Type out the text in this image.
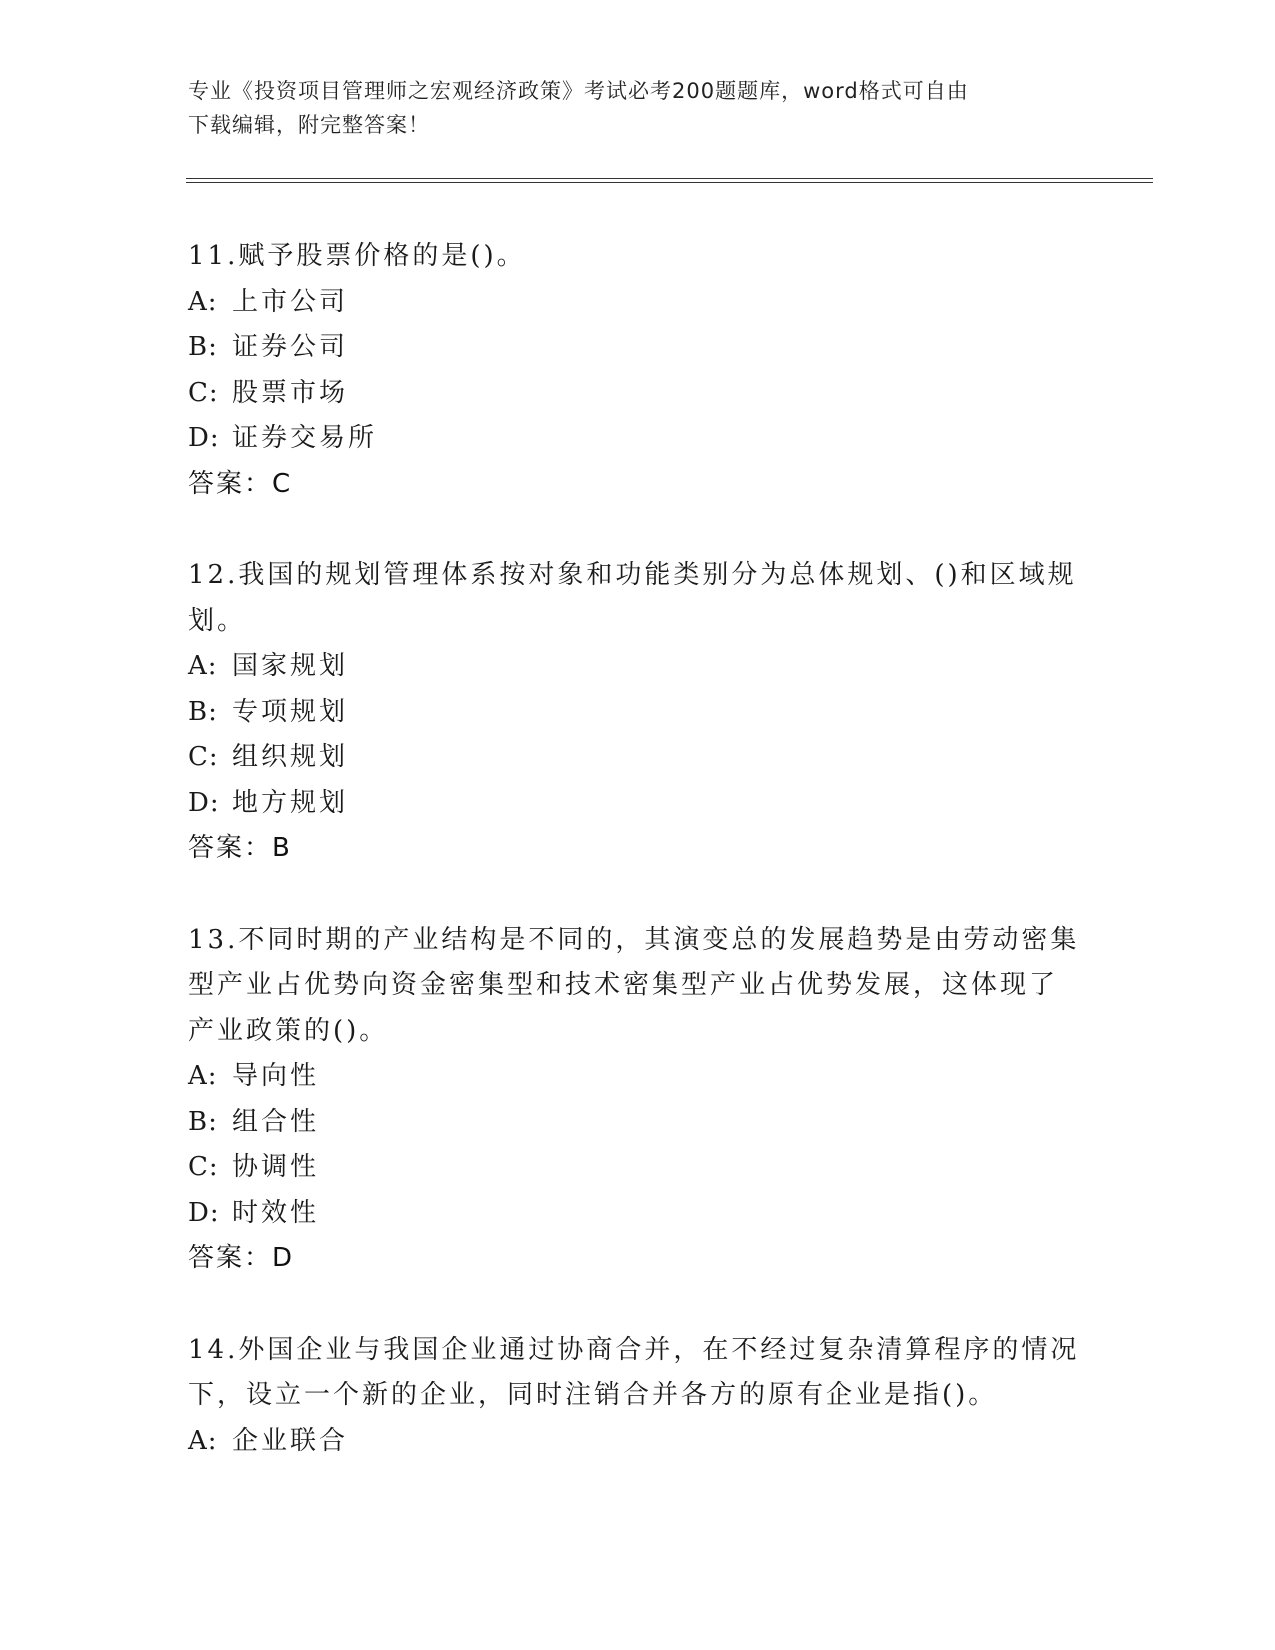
专业《投资项目管理师之宏观经济政策》考试必考200题题库，word格式可自由
下载编辑，附完整答案！
11.赋予股票价格的是()。
A: 上市公司
B: 证券公司
C: 股票市场
D: 证券交易所
答案：C
12.我国的规划管理体系按对象和功能类别分为总体规划、()和区域规
划。
A: 国家规划
B: 专项规划
C: 组织规划
D: 地方规划
答案：B
13.不同时期的产业结构是不同的，其演变总的发展趋势是由劳动密集
型产业占优势向资金密集型和技术密集型产业占优势发展，这体现了
产业政策的()。
A: 导向性
B: 组合性
C: 协调性
D: 时效性
答案：D
14.外国企业与我国企业通过协商合并，在不经过复杂清算程序的情况
下，设立一个新的企业，同时注销合并各方的原有企业是指()。
A: 企业联合
